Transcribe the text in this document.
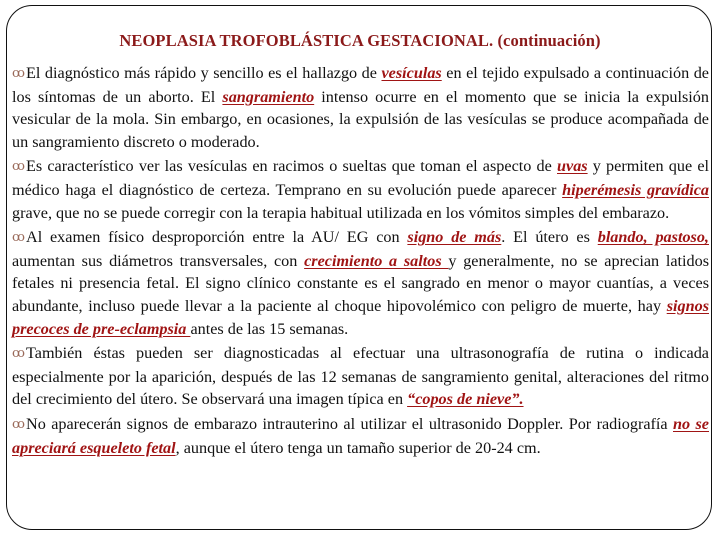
NEOPLASIA TROFOBLÁSTICA GESTACIONAL. (continuación)

ꝏEl diagnóstico más rápido y sencillo es el hallazgo de vesículas en el tejido expulsado a continuación de los síntomas de un aborto. El sangramiento intenso ocurre en el momento que se inicia la expulsión vesicular de la mola. Sin embargo, en ocasiones, la expulsión de las vesículas se produce acompañada de un sangramiento discreto o moderado.

ꝏEs característico ver las vesículas en racimos o sueltas que toman el aspecto de uvas y permiten que el médico haga el diagnóstico de certeza. Temprano en su evolución puede aparecer hiperémesis gravídica grave, que no se puede corregir con la terapia habitual utilizada en los vómitos simples del embarazo.

ꝏAl examen físico desproporción entre la AU/ EG con signo de más. El útero es blando, pastoso, aumentan sus diámetros transversales, con crecimiento a saltos y generalmente, no se aprecian latidos fetales ni presencia fetal. El signo clínico constante es el sangrado en menor o mayor cuantías, a veces abundante, incluso puede llevar a la paciente al choque hipovolémico con peligro de muerte, hay signos precoces de pre-eclampsia antes de las 15 semanas.

ꝏTambién éstas pueden ser diagnosticadas al efectuar una ultrasonografía de rutina o indicada especialmente por la aparición, después de las 12 semanas de sangramiento genital, alteraciones del ritmo del crecimiento del útero. Se observará una imagen típica en “copos de nieve”.

ꝏNo aparecerán signos de embarazo intrauterino al utilizar el ultrasonido Doppler. Por radiografía no se apreciará esqueleto fetal, aunque el útero tenga un tamaño superior de 20-24 cm.
